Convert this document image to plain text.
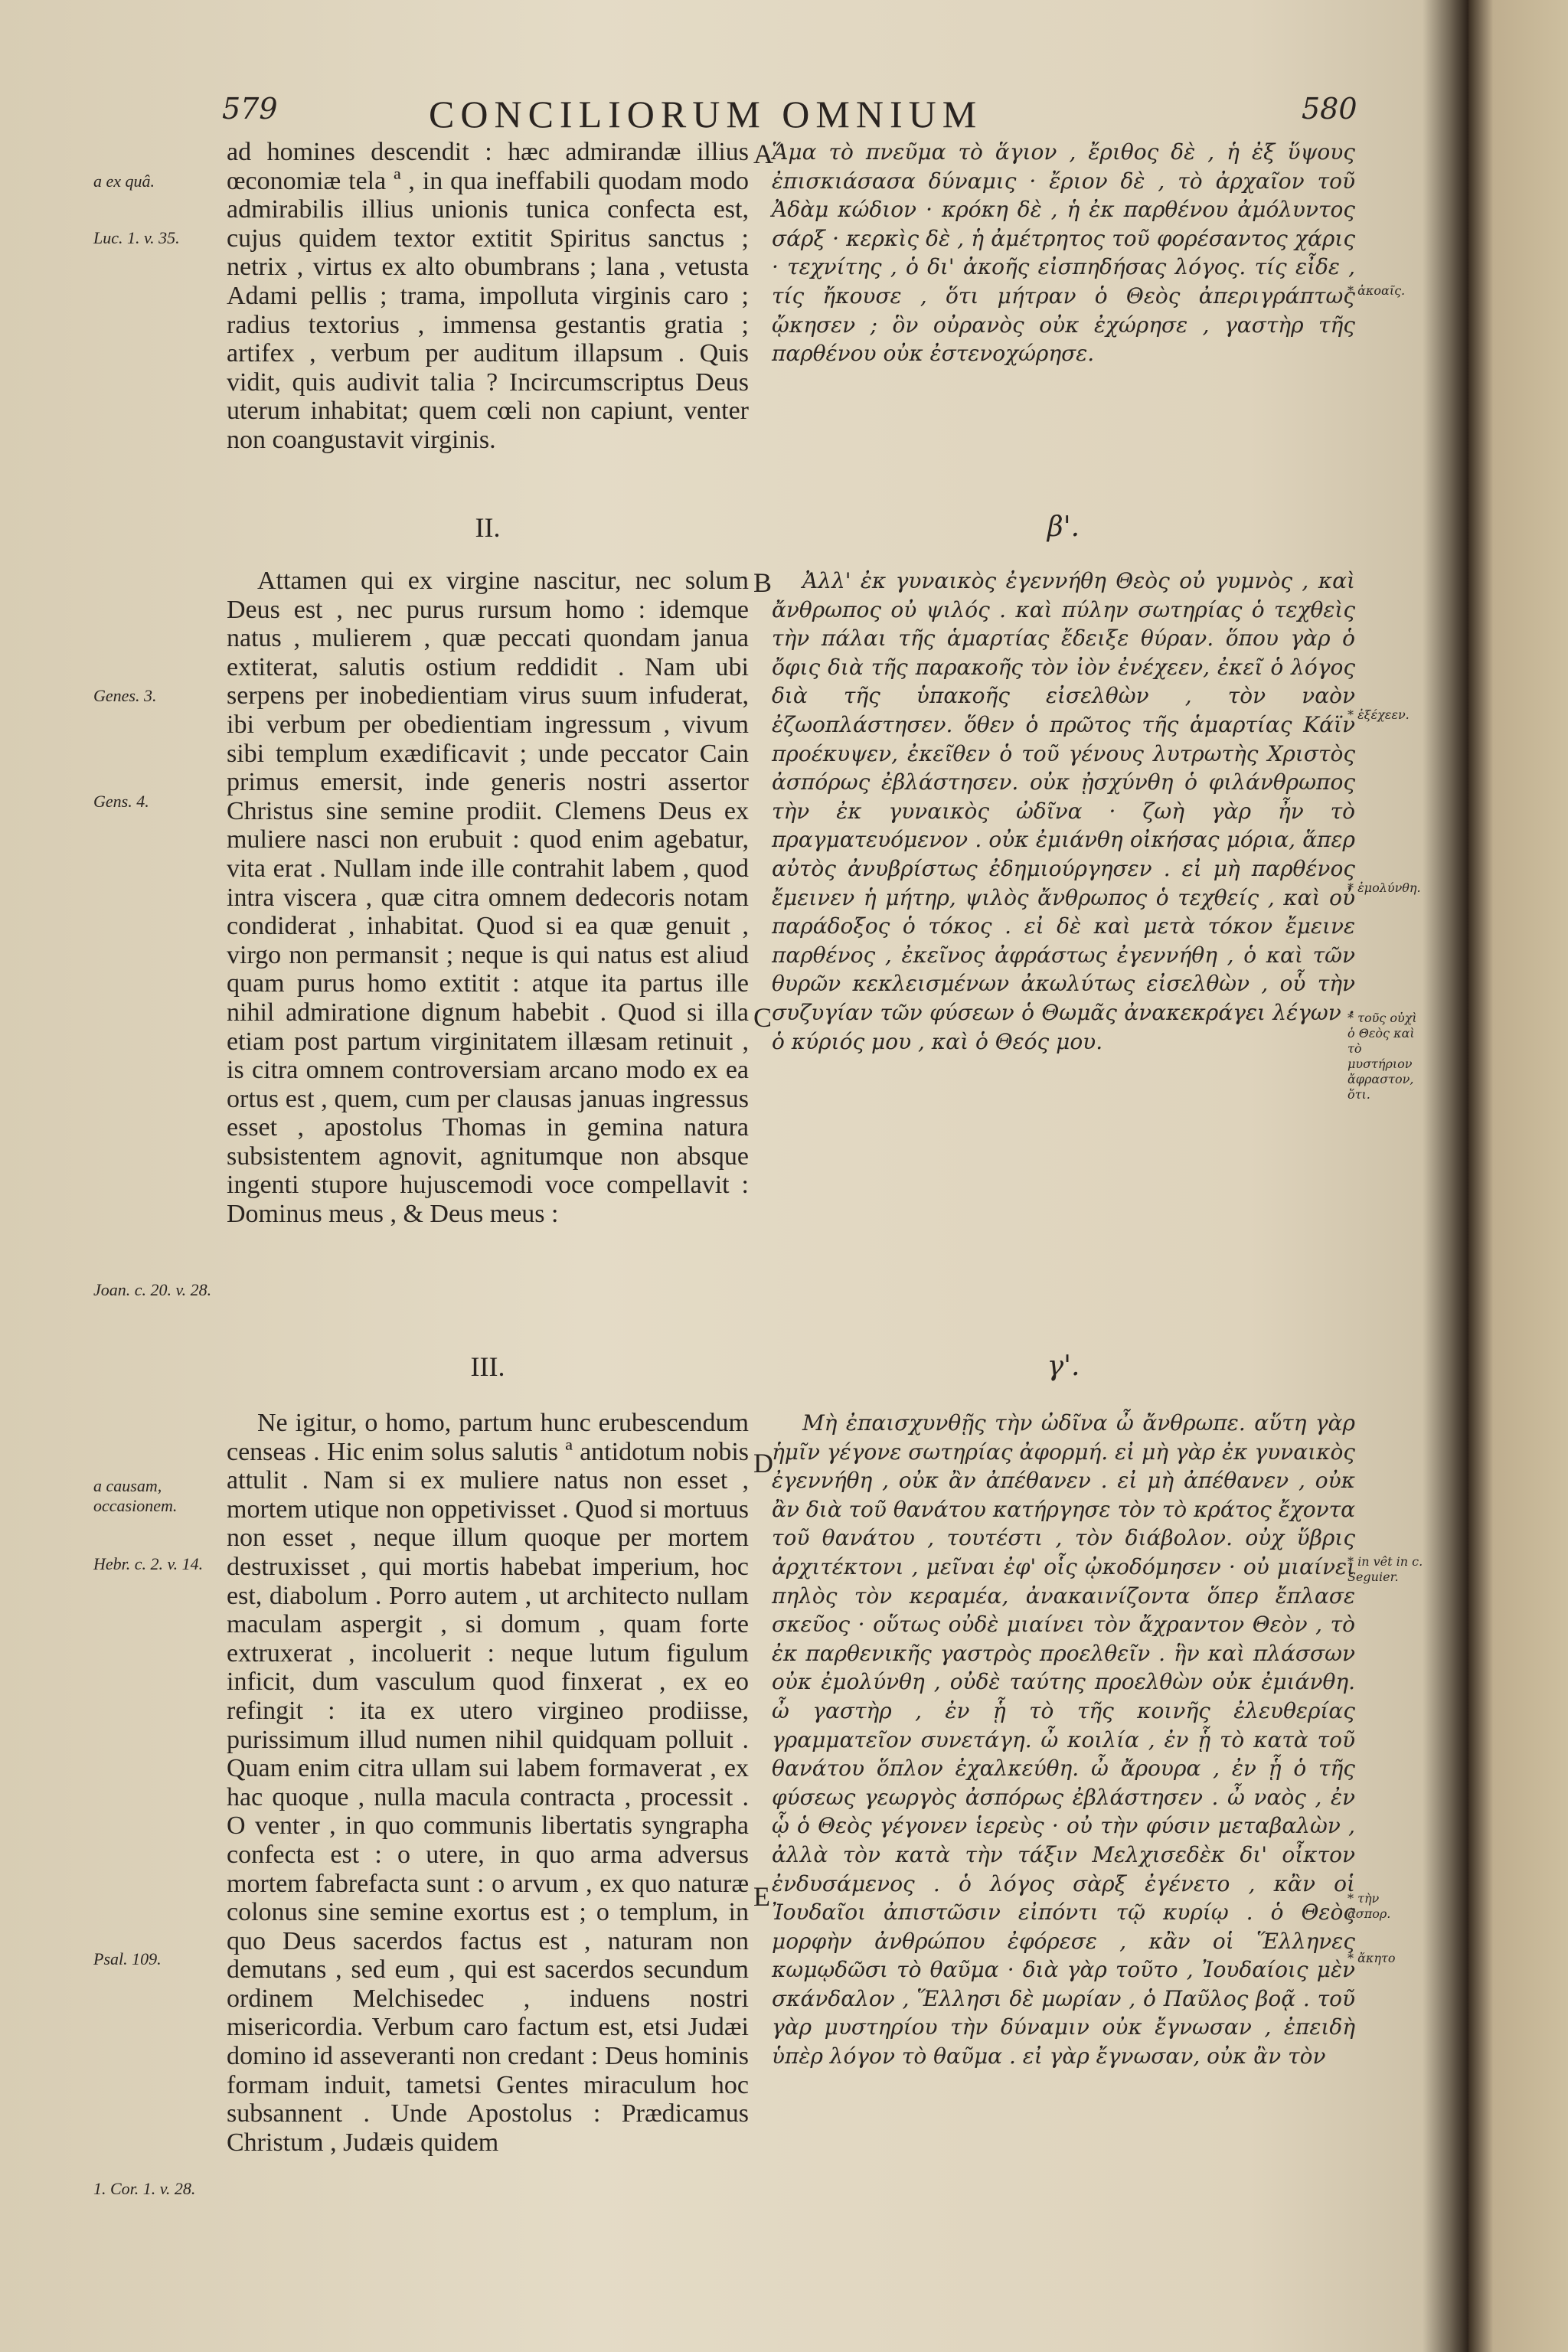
579	CONCILIORUM OMNIUM	580
a ex quâ.
Luc. 1. v. 35.
Genes. 3.
Gens. 4.
Joan. c. 20. v. 28.
a causam, occasionem.
Hebr. c. 2. v. 14.
Psal. 109.
1. Cor. 1. v. 28.
A
B
C
D
E

ad homines descendit : hæc admirandæ illius œconomiæ tela ª , in qua ineffabili quodam modo admirabilis illius unionis tunica confecta est, cujus quidem textor extitit Spiritus sanctus ; netrix , virtus ex alto obumbrans ; lana , vetusta Adami pellis ; trama, impolluta virginis caro ; radius textorius , immensa gestantis gratia ; artifex , verbum per auditum illapsum . Quis vidit, quis audivit talia ? Incircumscriptus Deus uterum inhabitat; quem cœli non capiunt, venter non coangustavit virginis.

II.

Attamen qui ex virgine nascitur, nec solum Deus est , nec purus rursum homo : idemque natus , mulierem , quæ peccati quondam janua extiterat, salutis ostium reddidit . Nam ubi serpens per inobedientiam virus suum infuderat, ibi verbum per obedientiam ingressum , vivum sibi templum exædificavit ; unde peccator Cain primus emersit, inde generis nostri assertor Christus sine semine prodiit. Clemens Deus ex muliere nasci non erubuit : quod enim agebatur, vita erat . Nullam inde ille contrahit labem , quod intra viscera , quæ citra omnem dedecoris notam condiderat , inhabitat. Quod si ea quæ genuit , virgo non permansit ; neque is qui natus est aliud quam purus homo extitit : atque ita partus ille nihil admiratione dignum habebit . Quod si illa etiam post partum virginitatem illæsam retinuit , is citra omnem controversiam arcano modo ex ea ortus est , quem, cum per clausas januas ingressus esset , apostolus Thomas in gemina natura subsistentem agnovit, agnitumque non absque ingenti stupore hujuscemodi voce compellavit : Dominus meus , & Deus meus :

III.

Ne igitur, o homo, partum hunc erubescendum censeas . Hic enim solus salutis ª antidotum nobis attulit . Nam si ex muliere natus non esset , mortem utique non oppetivisset . Quod si mortuus non esset , neque illum quoque per mortem destruxisset , qui mortis habebat imperium, hoc est, diabolum . Porro autem , ut architecto nullam maculam aspergit , si domum , quam forte extruxerat , incoluerit : neque lutum figulum inficit, dum vasculum quod finxerat , ex eo refingit : ita ex utero virgineo prodiisse, purissimum illud numen nihil quidquam polluit . Quam enim citra ullam sui labem formaverat , ex hac quoque , nulla macula contracta , processit . O venter , in quo communis libertatis syngrapha confecta est : o utere, in quo arma adversus mortem fabrefacta sunt : o arvum , ex quo naturæ colonus sine semine exortus est ; o templum, in quo Deus sacerdos factus est , naturam non demutans , sed eum , qui est sacerdos secundum ordinem Melchisedec , induens nostri misericordia. Verbum caro factum est, etsi Judæi domino id asseveranti non credant : Deus hominis formam induit, tametsi Gentes miraculum hoc subsannent . Unde Apostolus : Prædicamus Christum , Judæis quidem

Ἅμα τὸ πνεῦμα τὸ ἅγιον , ἔριθος δὲ , ἡ ἐξ ὕψους ἐπισκιάσασα δύναμις · ἔριον δὲ , τὸ ἀρχαῖον τοῦ Ἀδὰμ κώδιον · κρόκη δὲ , ἡ ἐκ παρθένου ἀμόλυντος σάρξ · κερκὶς δὲ , ἡ ἀμέτρητος τοῦ φορέσαντος χάρις · τεχνίτης , ὁ δι' ἀκοῆς εἰσπηδήσας λόγος. τίς εἶδε , τίς ἤκουσε , ὅτι μήτραν ὁ Θεὸς ἀπεριγράπτως ᾤκησεν ; ὃν οὐρανὸς οὐκ ἐχώρησε , γαστὴρ τῆς παρθένου οὐκ ἐστενοχώρησε.

β'.

Ἀλλ' ἐκ γυναικὸς ἐγεννήθη Θεὸς οὐ γυμνὸς , καὶ ἄνθρωπος οὐ ψιλός . καὶ πύλην σωτηρίας ὁ τεχθεὶς τὴν πάλαι τῆς ἁμαρτίας ἔδειξε θύραν. ὅπου γὰρ ὁ ὄφις διὰ τῆς παρακοῆς τὸν ἰὸν ἐνέχεεν, ἐκεῖ ὁ λόγος διὰ τῆς ὑπακοῆς εἰσελθὼν , τὸν ναὸν ἐζωοπλάστησεν. ὅθεν ὁ πρῶτος τῆς ἁμαρτίας Κάϊν προέκυψεν, ἐκεῖθεν ὁ τοῦ γένους λυτρωτὴς Χριστὸς ἀσπόρως ἐβλάστησεν. οὐκ ᾐσχύνθη ὁ φιλάνθρωπος τὴν ἐκ γυναικὸς ὠδῖνα · ζωὴ γὰρ ἦν τὸ πραγματευόμενον . οὐκ ἐμιάνθη οἰκήσας μόρια, ἅπερ αὐτὸς ἀνυβρίστως ἐδημιούργησεν . εἰ μὴ παρθένος ἔμεινεν ἡ μήτηρ, ψιλὸς ἄνθρωπος ὁ τεχθείς , καὶ οὐ παράδοξος ὁ τόκος . εἰ δὲ καὶ μετὰ τόκον ἔμεινε παρθένος , ἐκεῖνος ἀφράστως ἐγεννήθη , ὁ καὶ τῶν θυρῶν κεκλεισμένων ἀκωλύτως εἰσελθὼν , οὗ τὴν συζυγίαν τῶν φύσεων ὁ Θωμᾶς ἀνακεκράγει λέγων · ὁ κύριός μου , καὶ ὁ Θεός μου.

γ'.

Μὴ ἐπαισχυνθῇς τὴν ὠδῖνα ὦ ἄνθρωπε. αὕτη γὰρ ἡμῖν γέγονε σωτηρίας ἀφορμή. εἰ μὴ γὰρ ἐκ γυναικὸς ἐγεννήθη , οὐκ ἂν ἀπέθανεν . εἰ μὴ ἀπέθανεν , οὐκ ἂν διὰ τοῦ θανάτου κατήργησε τὸν τὸ κράτος ἔχοντα τοῦ θανάτου , τουτέστι , τὸν διάβολον. οὐχ ὕβρις ἀρχιτέκτονι , μεῖναι ἐφ' οἷς ᾠκοδόμησεν · οὐ μιαίνει πηλὸς τὸν κεραμέα, ἀνακαινίζοντα ὅπερ ἔπλασε σκεῦος · οὕτως οὐδὲ μιαίνει τὸν ἄχραντον Θεὸν , τὸ ἐκ παρθενικῆς γαστρὸς προελθεῖν . ἣν καὶ πλάσσων οὐκ ἐμολύνθη , οὐδὲ ταύτης προελθὼν οὐκ ἐμιάνθη. ὦ γαστὴρ , ἐν ᾗ τὸ τῆς κοινῆς ἐλευθερίας γραμματεῖον συνετάγη. ὦ κοιλία , ἐν ᾗ τὸ κατὰ τοῦ θανάτου ὅπλον ἐχαλκεύθη. ὦ ἄρουρα , ἐν ᾗ ὁ τῆς φύσεως γεωργὸς ἀσπόρως ἐβλάστησεν . ὦ ναὸς , ἐν ᾧ ὁ Θεὸς γέγονεν ἱερεὺς · οὐ τὴν φύσιν μεταβαλὼν , ἀλλὰ τὸν κατὰ τὴν τάξιν Μελχισεδὲκ δι' οἶκτον ἐνδυσάμενος . ὁ λόγος σὰρξ ἐγένετο , κἂν οἱ Ἰουδαῖοι ἀπιστῶσιν εἰπόντι τῷ κυρίῳ . ὁ Θεὸς μορφὴν ἀνθρώπου ἐφόρεσε , κἂν οἱ Ἕλληνες κωμῳδῶσι τὸ θαῦμα · διὰ γὰρ τοῦτο , Ἰουδαίοις μὲν σκάνδαλον , Ἕλλησι δὲ μωρίαν , ὁ Παῦλος βοᾷ . τοῦ γὰρ μυστηρίου τὴν δύναμιν οὐκ ἔγνωσαν , ἐπειδὴ ὑπὲρ λόγον τὸ θαῦμα . εἰ γὰρ ἔγνωσαν, οὐκ ἂν τὸν

* ἀκοαῖς.
* ἐξέχεεν.
* ἐμολύνθη.
* τοῦς οὐχὶ ὁ Θεὸς καὶ τὸ μυστήριον ἄφραστον, ὅτι.
* in vêt in c. Seguier.
* τὴν ἄσπορ.
* ἄκητο
